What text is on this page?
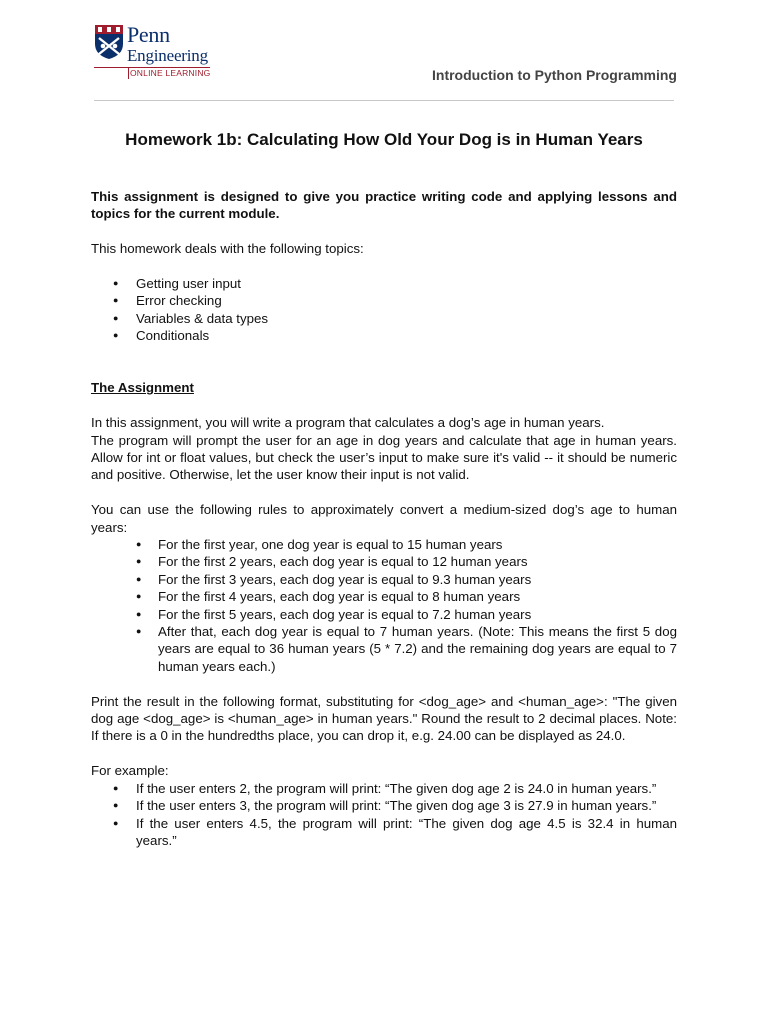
Penn
Engineering
ONLINE LEARNING	Introduction to Python Programming
Homework 1b: Calculating How Old Your Dog is in Human Years

This assignment is designed to give you practice writing code and applying lessons and topics for the current module.

This homework deals with the following topics:

● Getting user input
● Error checking
● Variables & data types
● Conditionals

The Assignment

In this assignment, you will write a program that calculates a dog’s age in human years.

The program will prompt the user for an age in dog years and calculate that age in human years. Allow for int or float values, but check the user’s input to make sure it's valid -- it should be numeric and positive. Otherwise, let the user know their input is not valid.

You can use the following rules to approximately convert a medium-sized dog’s age to human years:

● For the first year, one dog year is equal to 15 human years
● For the first 2 years, each dog year is equal to 12 human years
● For the first 3 years, each dog year is equal to 9.3 human years
● For the first 4 years, each dog year is equal to 8 human years
● For the first 5 years, each dog year is equal to 7.2 human years
● After that, each dog year is equal to 7 human years. (Note: This means the first 5 dog years are equal to 36 human years (5 * 7.2) and the remaining dog years are equal to 7 human years each.)

Print the result in the following format, substituting for <dog_age> and <human_age>: "The given dog age <dog_age> is <human_age> in human years." Round the result to 2 decimal places. Note: If there is a 0 in the hundredths place, you can drop it, e.g. 24.00 can be displayed as 24.0.

For example:

● If the user enters 2, the program will print: “The given dog age 2 is 24.0 in human years.”
● If the user enters 3, the program will print: “The given dog age 3 is 27.9 in human years.”
● If the user enters 4.5, the program will print: “The given dog age 4.5 is 32.4 in human years.”
